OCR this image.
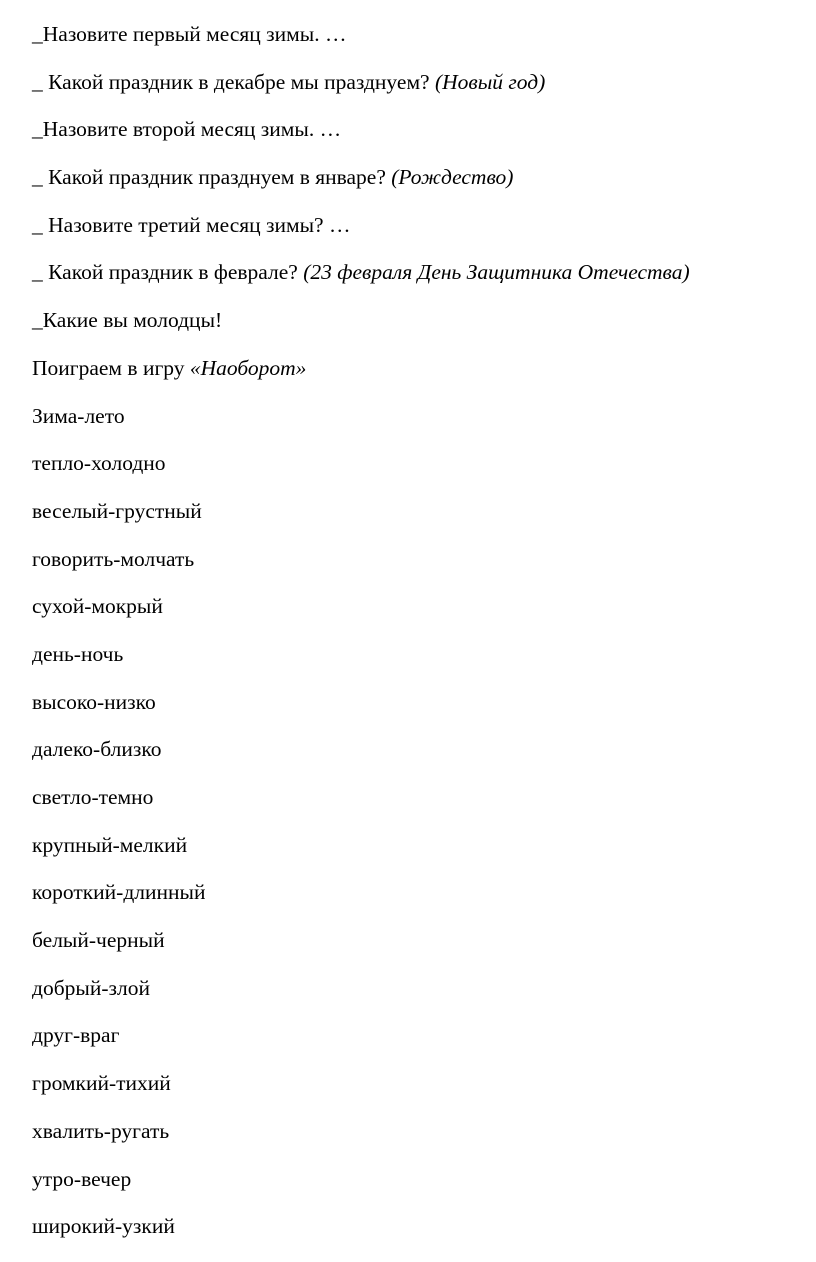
_Назовите первый месяц зимы. …
_ Какой праздник в декабре мы празднуем? (Новый год)
_Назовите второй месяц зимы. …
_ Какой праздник празднуем в январе? (Рождество)
_ Назовите третий месяц зимы? …
_ Какой праздник в феврале? (23 февраля День Защитника Отечества)
_Какие вы молодцы!
Поиграем в игру «Наоборот»
Зима-лето
тепло-холодно
веселый-грустный
говорить-молчать
сухой-мокрый
день-ночь
высоко-низко
далеко-близко
светло-темно
крупный-мелкий
короткий-длинный
белый-черный
добрый-злой
друг-враг
громкий-тихий
хвалить-ругать
утро-вечер
широкий-узкий
